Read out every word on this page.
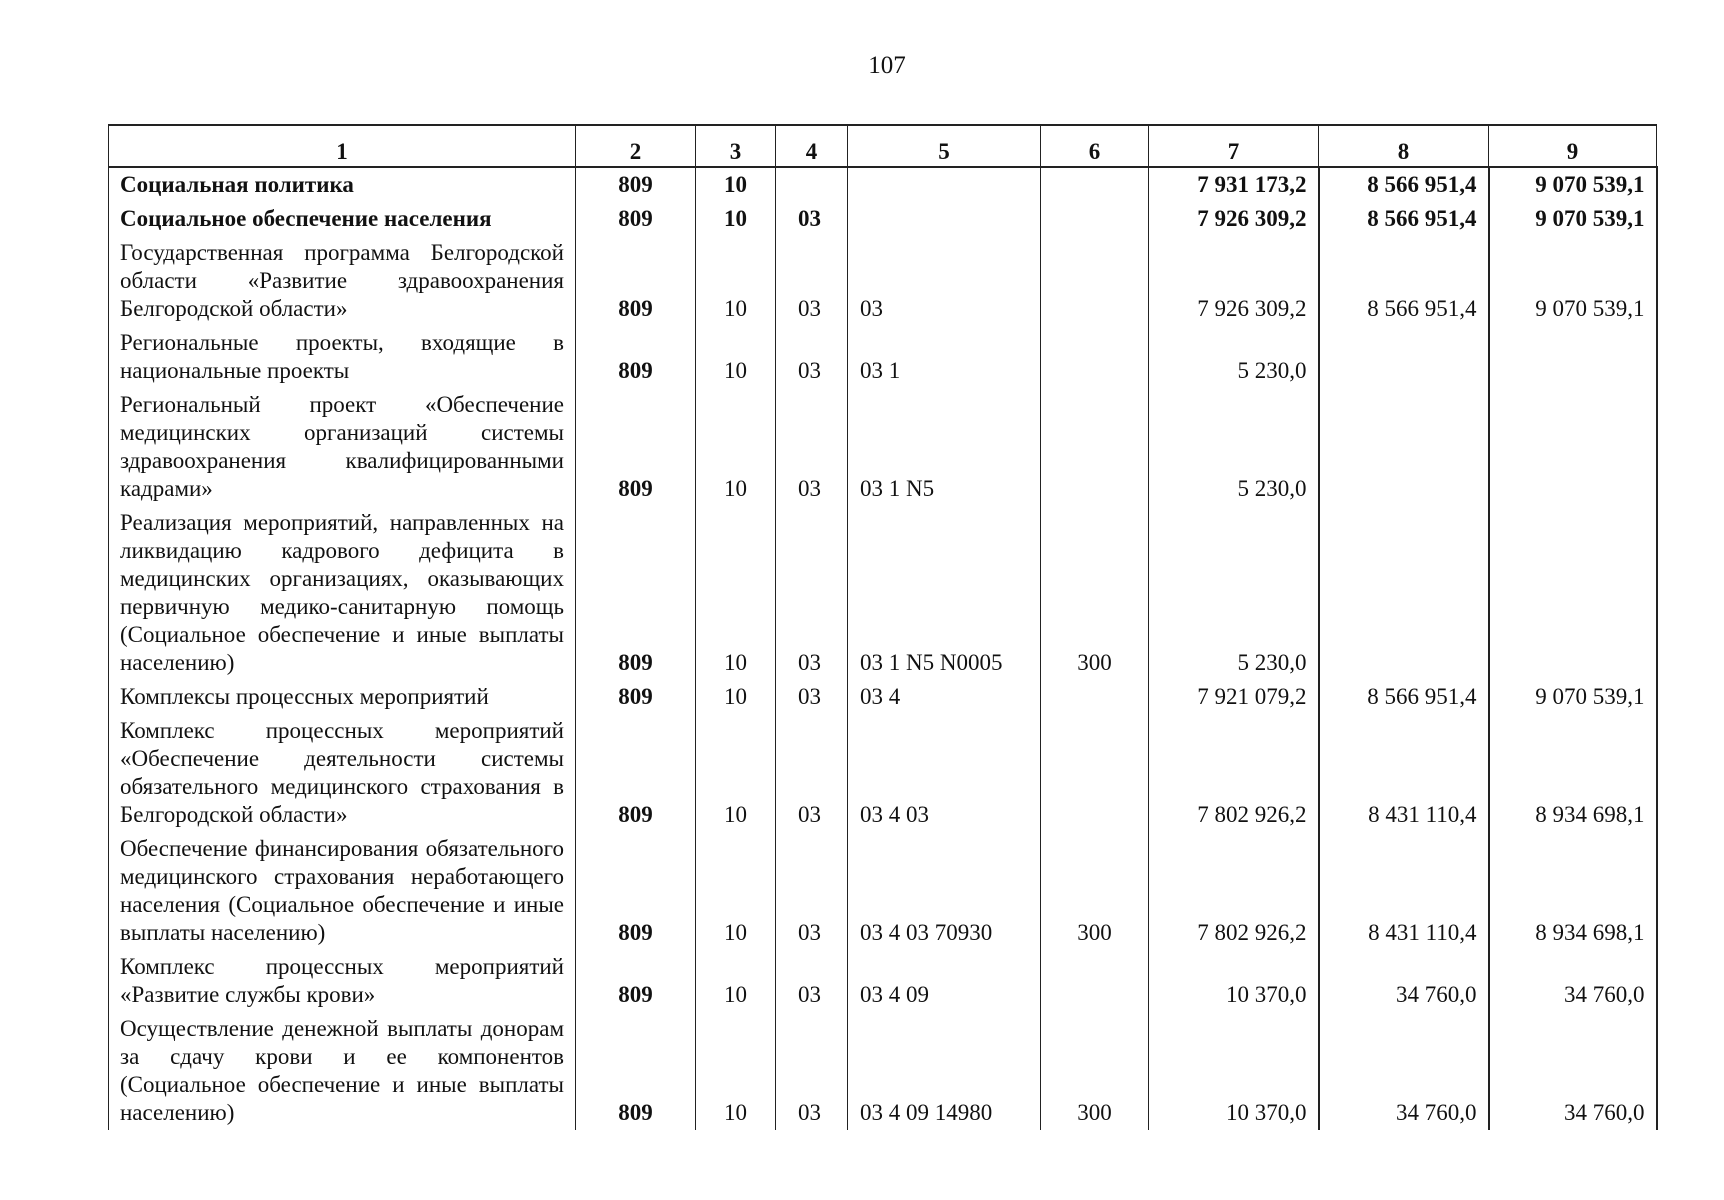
107
1	2	3	4	5	6	7	8	9
Социальная политика	809	10				7 931 173,2	8 566 951,4	9 070 539,1
Социальное обеспечение населения	809	10	03			7 926 309,2	8 566 951,4	9 070 539,1
Государственная программа Белгородской области «Развитие здравоохранения Белгородской области»	809	10	03	03		7 926 309,2	8 566 951,4	9 070 539,1
Региональные проекты, входящие в национальные проекты	809	10	03	03 1		5 230,0		
Региональный проект «Обеспечение медицинских организаций системы здравоохранения квалифицированными кадрами»	809	10	03	03 1 N5		5 230,0		
Реализация мероприятий, направленных на ликвидацию кадрового дефицита в медицинских организациях, оказывающих первичную медико-санитарную помощь (Социальное обеспечение и иные выплаты населению)	809	10	03	03 1 N5 N0005	300	5 230,0		
Комплексы процессных мероприятий	809	10	03	03 4		7 921 079,2	8 566 951,4	9 070 539,1
Комплекс процессных мероприятий «Обеспечение деятельности системы обязательного медицинского страхования в Белгородской области»	809	10	03	03 4 03		7 802 926,2	8 431 110,4	8 934 698,1
Обеспечение финансирования обязательного медицинского страхования неработающего населения (Социальное обеспечение и иные выплаты населению)	809	10	03	03 4 03 70930	300	7 802 926,2	8 431 110,4	8 934 698,1
Комплекс процессных мероприятий «Развитие службы крови»	809	10	03	03 4 09		10 370,0	34 760,0	34 760,0
Осуществление денежной выплаты донорам за сдачу крови и ее компонентов (Социальное обеспечение и иные выплаты населению)	809	10	03	03 4 09 14980	300	10 370,0	34 760,0	34 760,0
